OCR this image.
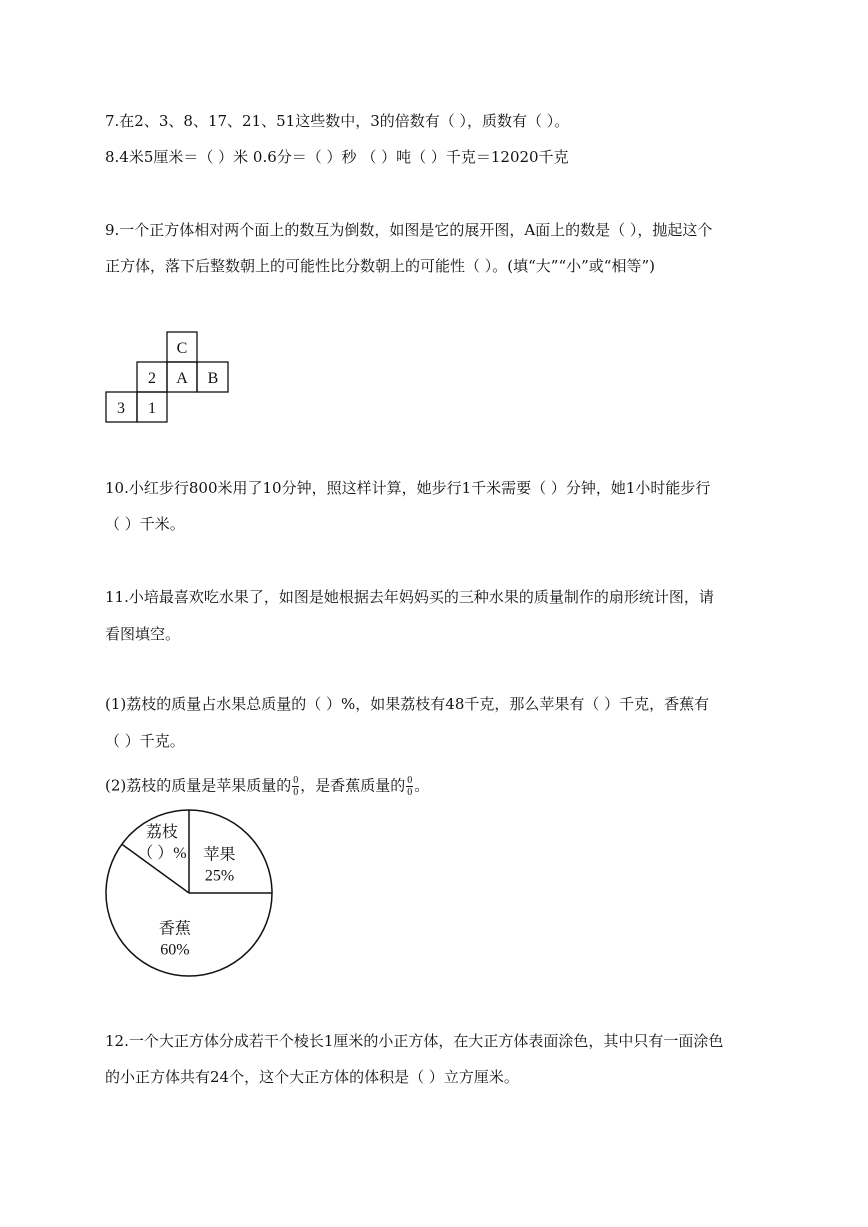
7.在2、3、8、17、21、51这些数中，3的倍数有（ ），质数有（ ）。
8.4米5厘米＝（ ）米 0.6分＝（ ）秒 （ ）吨（ ）千克＝12020千克
9.一个正方体相对两个面上的数互为倒数，如图是它的展开图，A面上的数是（ ），抛起这个
正方体，落下后整数朝上的可能性比分数朝上的可能性（ ）。(填“大”“小”或“相等”)
C
2 A B
3 1
10.小红步行800米用了10分钟，照这样计算，她步行1千米需要（ ）分钟，她1小时能步行
（ ）千米。
11.小培最喜欢吃水果了，如图是她根据去年妈妈买的三种水果的质量制作的扇形统计图，请
看图填空。
(1)荔枝的质量占水果总质量的（ ）%，如果荔枝有48千克，那么苹果有（ ）千克，香蕉有
（ ）千克。
(2)荔枝的质量是苹果质量的 $\frac{0}{0}$ ，是香蕉质量的 $\frac{0}{0}$ 。
苹果
25%
香蕉
60%
荔枝
（ ）%
12.一个大正方体分成若干个棱长1厘米的小正方体，在大正方体表面涂色，其中只有一面涂色
的小正方体共有24个，这个大正方体的体积是（ ）立方厘米。
